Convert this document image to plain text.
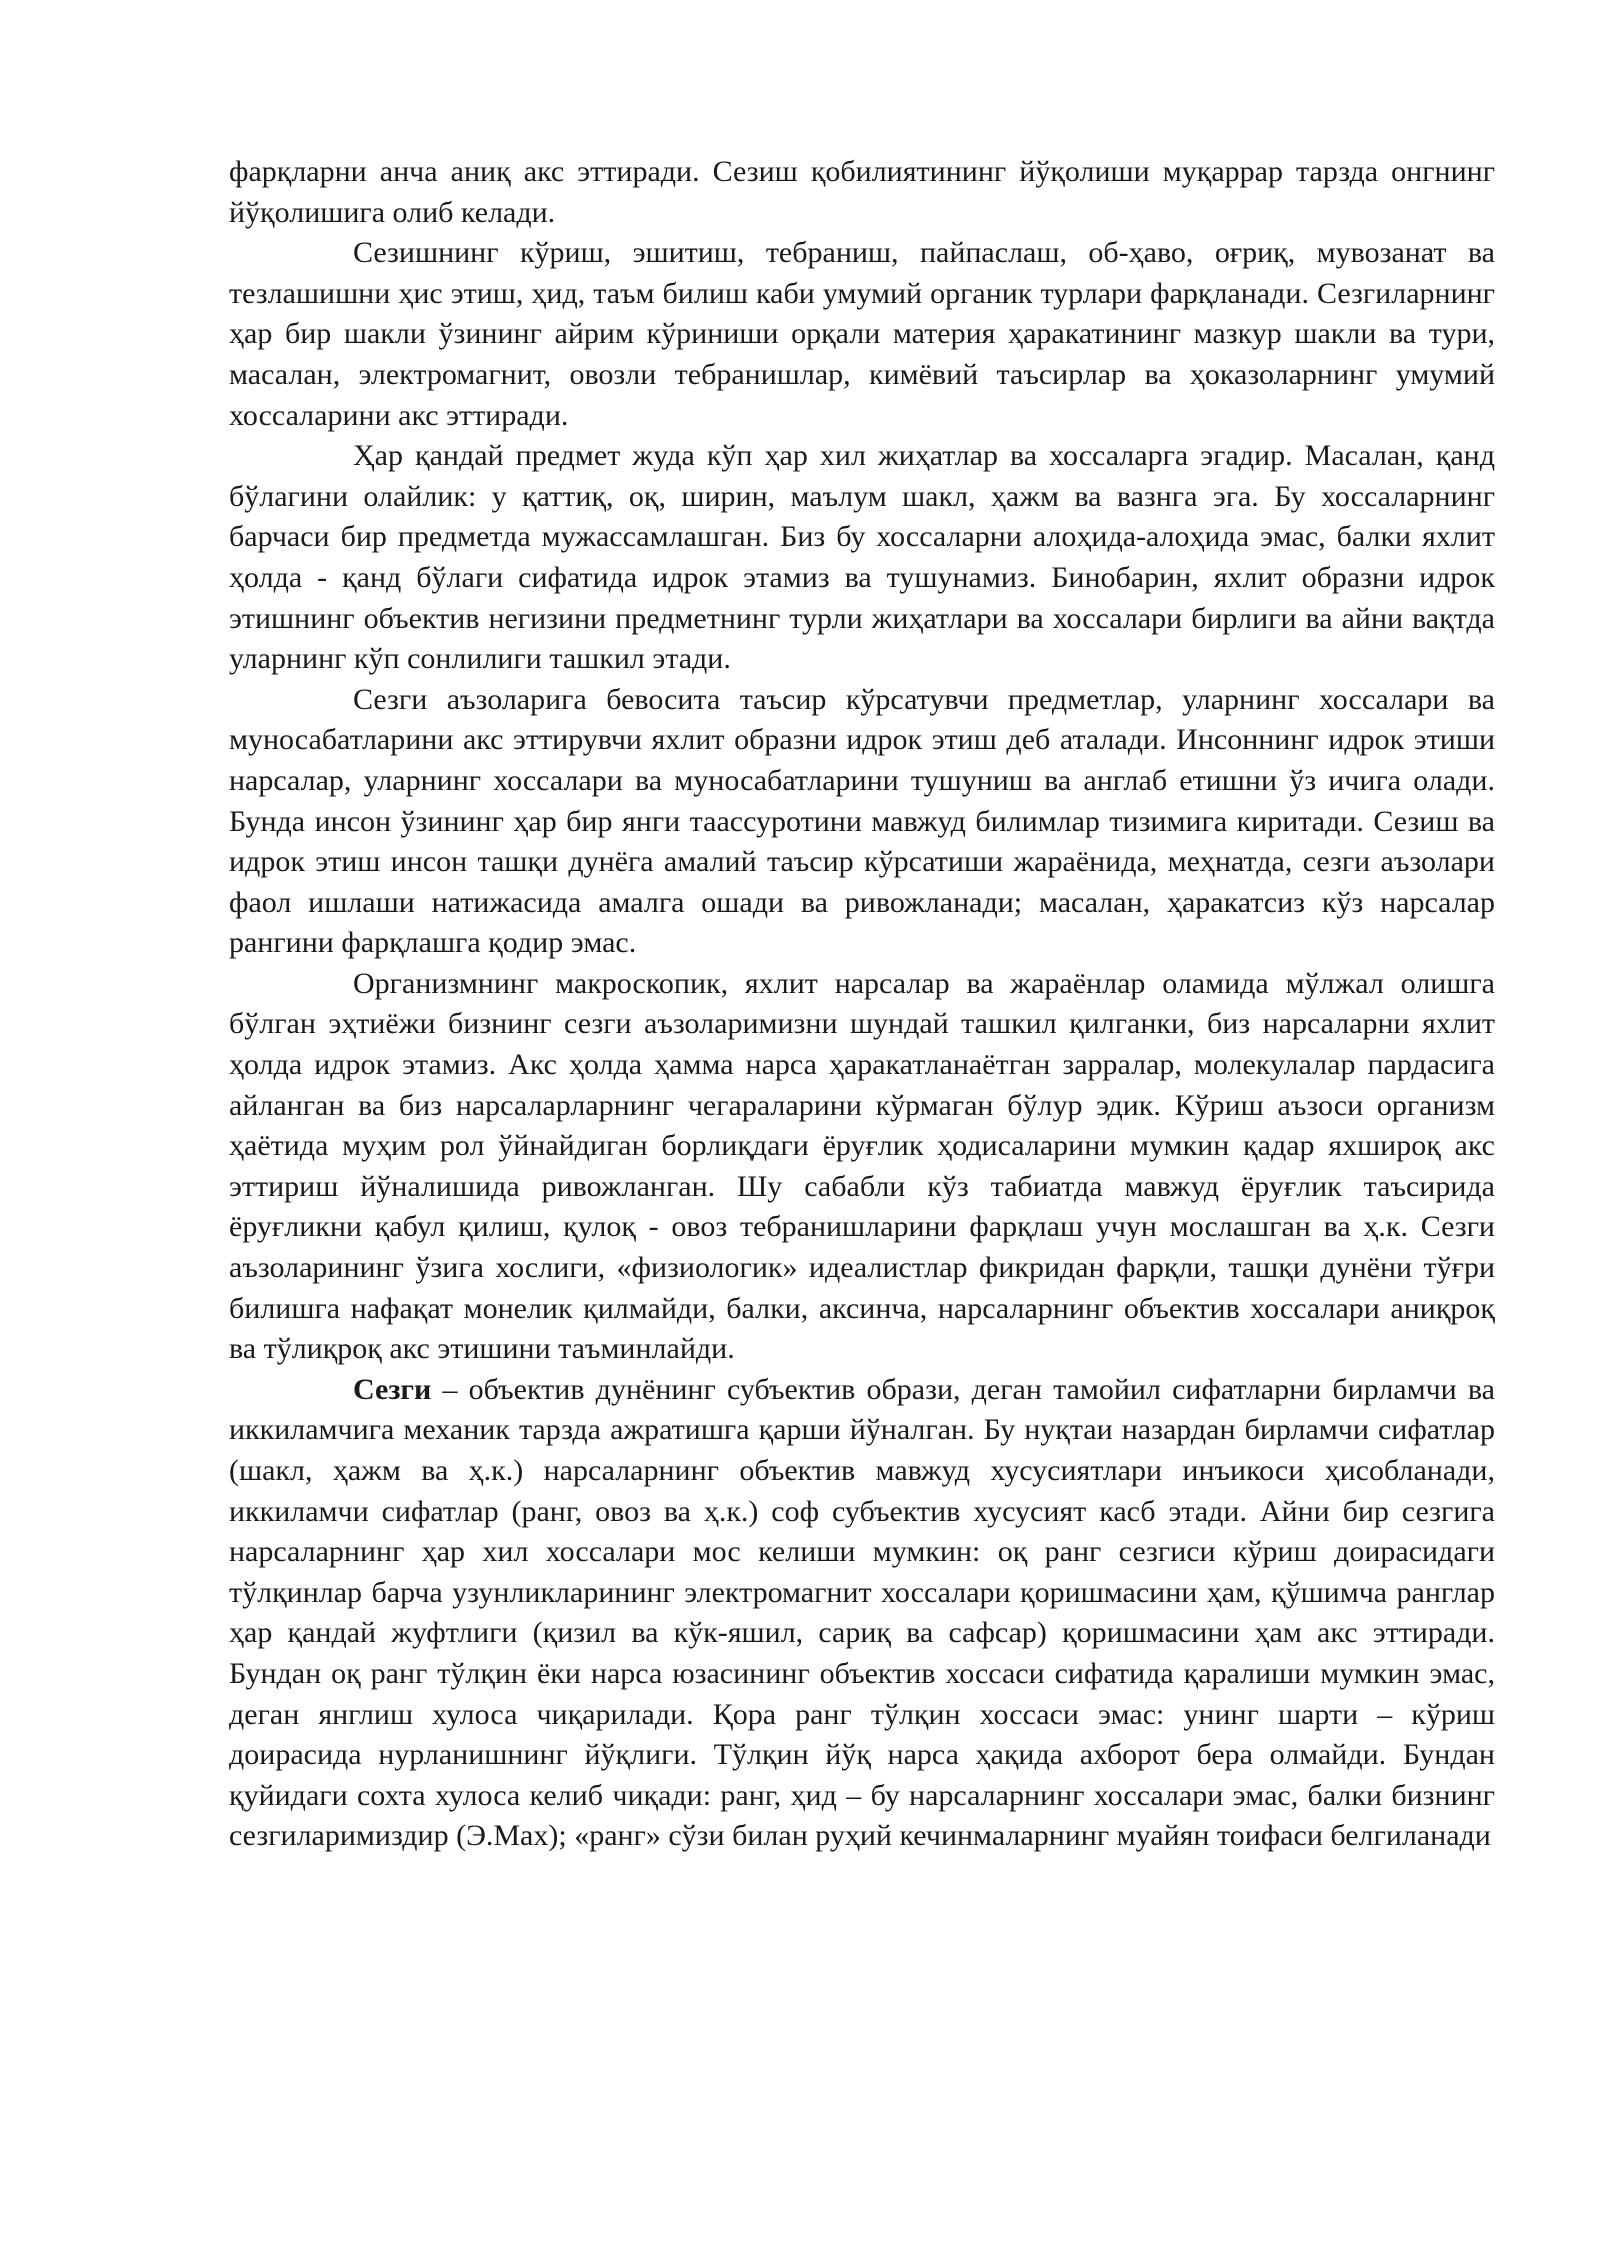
фарқларни анча аниқ акс эттиради. Сезиш қобилиятининг йўқолиши муқаррар тарзда онгнинг йўқолишига олиб келади.

Сезишнинг кўриш, эшитиш, тебраниш, пайпаслаш, об-ҳаво, оғриқ, мувозанат ва тезлашишни ҳис этиш, ҳид, таъм билиш каби умумий органик турлари фарқланади. Сезгиларнинг ҳар бир шакли ўзининг айрим кўриниши орқали материя ҳаракатининг мазкур шакли ва тури, масалан, электромагнит, овозли тебранишлар, кимёвий таъсирлар ва ҳоказоларнинг умумий хоссаларини акс эттиради.

Ҳар қандай предмет жуда кўп ҳар хил жиҳатлар ва хоссаларга эгадир. Масалан, қанд бўлагини олайлик: у қаттиқ, оқ, ширин, маълум шакл, ҳажм ва вазнга эга. Бу хоссаларнинг барчаси бир предметда мужассамлашган. Биз бу хоссаларни алоҳида-алоҳида эмас, балки яхлит ҳолда - қанд бўлаги сифатида идрок этамиз ва тушунамиз. Бинобарин, яхлит образни идрок этишнинг объектив негизини предметнинг турли жиҳатлари ва хоссалари бирлиги ва айни вақтда уларнинг кўп сонлилиги ташкил этади.

Сезги аъзоларига бевосита таъсир кўрсатувчи предметлар, уларнинг хоссалари ва муносабатларини акс эттирувчи яхлит образни идрок этиш деб аталади. Инсоннинг идрок этиши нарсалар, уларнинг хоссалари ва муносабатларини тушуниш ва англаб етишни ўз ичига олади. Бунда инсон ўзининг ҳар бир янги таассуротини мавжуд билимлар тизимига киритади. Сезиш ва идрок этиш инсон ташқи дунёга амалий таъсир кўрсатиши жараёнида, меҳнатда, сезги аъзолари фаол ишлаши натижасида амалга ошади ва ривожланади; масалан, ҳаракатсиз кўз нарсалар рангини фарқлашга қодир эмас.

Организмнинг макроскопик, яхлит нарсалар ва жараёнлар оламида мўлжал олишга бўлган эҳтиёжи бизнинг сезги аъзоларимизни шундай ташкил қилганки, биз нарсаларни яхлит ҳолда идрок этамиз. Акс ҳолда ҳамма нарса ҳаракатланаётган зарралар, молекулалар пардасига айланган ва биз нарсаларларнинг чегараларини кўрмаган бўлур эдик. Кўриш аъзоси организм ҳаётида муҳим рол ўйнайдиган борлиқдаги ёруғлик ҳодисаларини мумкин қадар яхшироқ акс эттириш йўналишида ривожланган. Шу сабабли кўз табиатда мавжуд ёруғлик таъсирида ёруғликни қабул қилиш, қулоқ - овоз тебранишларини фарқлаш учун мослашган ва ҳ.к. Сезги аъзоларининг ўзига хослиги, «физиологик» идеалистлар фикридан фарқли, ташқи дунёни тўғри билишга нафақат монелик қилмайди, балки, аксинча, нарсаларнинг объектив хоссалари аниқроқ ва тўлиқроқ акс этишини таъминлайди.

Сезги – объектив дунёнинг субъектив образи, деган тамойил сифатларни бирламчи ва иккиламчига механик тарзда ажратишга қарши йўналган. Бу нуқтаи назардан бирламчи сифатлар (шакл, ҳажм ва ҳ.к.) нарсаларнинг объектив мавжуд хусусиятлари инъикоси ҳисобланади, иккиламчи сифатлар (ранг, овоз ва ҳ.к.) соф субъектив хусусият касб этади. Айни бир сезгига нарсаларнинг ҳар хил хоссалари мос келиши мумкин: оқ ранг сезгиси кўриш доирасидаги тўлқинлар барча узунликларининг электромагнит хоссалари қоришмасини ҳам, қўшимча ранглар ҳар қандай жуфтлиги (қизил ва кўк-яшил, сариқ ва сафсар) қоришмасини ҳам акс эттиради. Бундан оқ ранг тўлқин ёки нарса юзасининг объектив хоссаси сифатида қаралиши мумкин эмас, деган янглиш хулоса чиқарилади. Қора ранг тўлқин хоссаси эмас: унинг шарти – кўриш доирасида нурланишнинг йўқлиги. Тўлқин йўқ нарса ҳақида ахборот бера олмайди. Бундан қуйидаги сохта хулоса келиб чиқади: ранг, ҳид – бу нарсаларнинг хоссалари эмас, балки бизнинг сезгиларимиздир (Э.Мах); «ранг» сўзи билан руҳий кечинмаларнинг муайян тоифаси белгиланади
